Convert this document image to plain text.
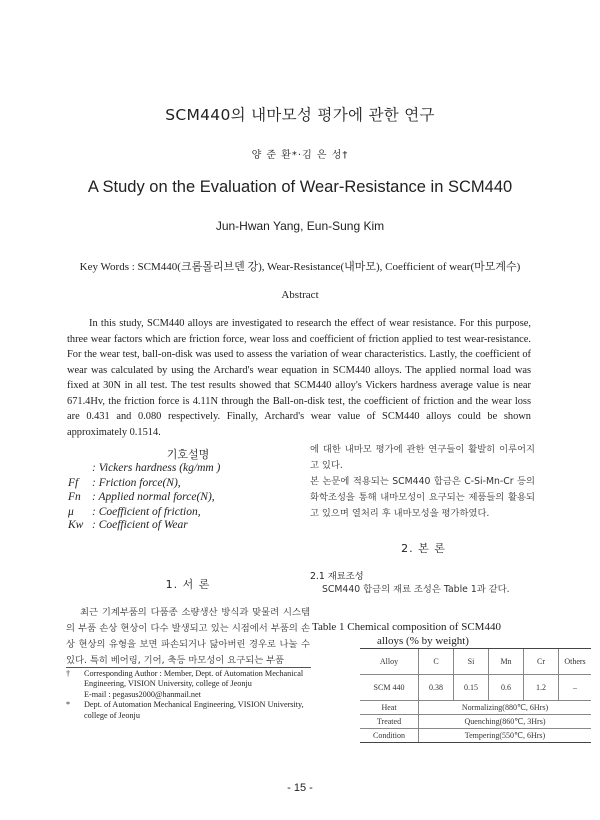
SCM440의 내마모성 평가에 관한 연구
양 준 환*·김 은 성†
A Study on the Evaluation of Wear-Resistance in SCM440
Jun-Hwan Yang, Eun-Sung Kim
Key Words : SCM440(크롬몰리브덴 강), Wear-Resistance(내마모), Coefficient of wear(마모계수)
Abstract
In this study, SCM440 alloys are investigated to research the effect of wear resistance. For this purpose, three wear factors which are friction force, wear loss and coefficient of friction applied to test wear-resistance. For the wear test, ball-on-disk was used to assess the variation of wear characteristics. Lastly, the coefficient of wear was calculated by using the Archard's wear equation in SCM440 alloys. The applied normal load was fixed at 30N in all test. The test results showed that SCM440 alloy's Vickers hardness average value is near 671.4Hv, the friction force is 4.11N through the Ball-on-disk test, the coefficient of friction and the wear loss are 0.431 and 0.080 respectively. Finally, Archard's wear value of SCM440 alloys could be shown approximately 0.1514.
기호설명
: Vickers hardness (kg/mm )
Ff : Friction force(N),
Fn : Applied normal force(N),
μ : Coefficient of friction,
Kw : Coefficient of Wear
1. 서 론
최근 기계부품의 다품종 소량생산 방식과 맞물려 시스템의 부품 손상 현상이 다수 발생되고 있는 시점에서 부품의 손상 현상의 유형을 보면 파손되거나 닳아버린 경우로 나눌 수 있다. 특히 베어링, 기어, 축등 마모성이 요구되는 부품
† Corresponding Author : Member, Dept. of Automation Mechanical Engineering, VISION University, college of Jeonju
E-mail : pegasus2000@hanmail.net
* Dept. of Automation Mechanical Engineering, VISION University, college of Jeonju
에 대한 내마모 평가에 관한 연구들이 활발히 이루어지고 있다.
본 논문에 적용되는 SCM440 합금은 C-Si-Mn-Cr 등의 화학조성을 통해 내마모성이 요구되는 제품들의 활용되고 있으며 열처리 후 내마모성을 평가하였다.
2. 본 론
2.1 재료조성
SCM440 합금의 재료 조성은 Table 1과 같다.
Table 1 Chemical composition of SCM440
alloys (% by weight)
Alloy	C	Si	Mn	Cr	Others
SCM 440	0.38	0.15	0.6	1.2	–
Heat	Normalizing(880℃, 6Hrs)				
Treated	Quenching(860℃, 3Hrs)				
Condition	Tempering(550℃, 6Hrs)				
- 15 -
